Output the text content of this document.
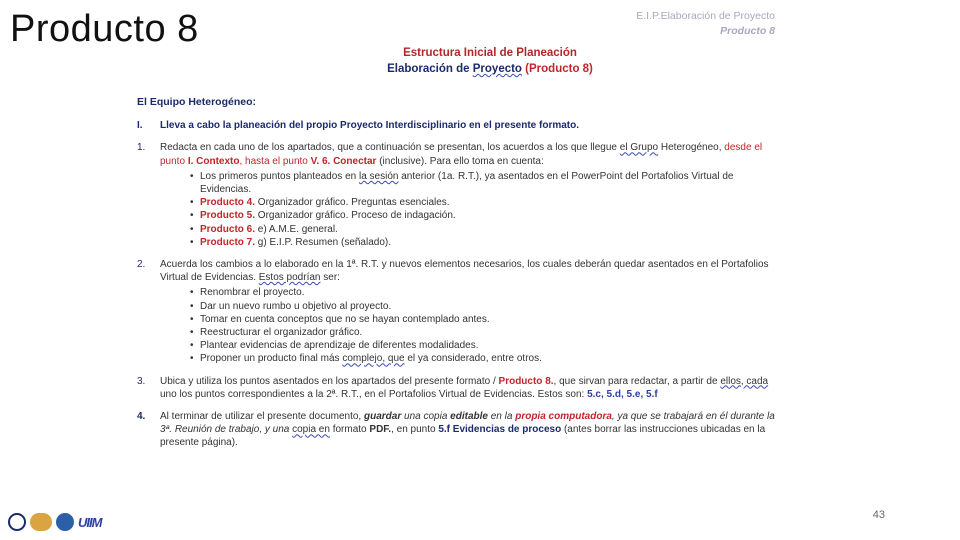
Producto 8	E.I.P.Elaboración de Proyecto
Producto 8
Estructura Inicial de Planeación
Elaboración de Proyecto (Producto 8)
El Equipo Heterogéneo:
I.	Lleva a cabo la planeación del propio Proyecto Interdisciplinario en el presente formato.
1.	Redacta en cada uno de los apartados, que a continuación se presentan, los acuerdos a los que llegue el Grupo Heterogéneo, desde el punto I. Contexto, hasta el punto V. 6. Conectar (inclusive). Para ello toma en cuenta:
• Los primeros puntos planteados en la sesión anterior (1a. R.T.), ya asentados en el PowerPoint del Portafolios Virtual de Evidencias.
• Producto 4. Organizador gráfico. Preguntas esenciales.
• Producto 5. Organizador gráfico. Proceso de indagación.
• Producto 6. e) A.M.E. general.
• Producto 7. g) E.I.P. Resumen (señalado).
2.	Acuerda los cambios a lo elaborado en la 1ª. R.T. y nuevos elementos necesarios, los cuales deberán quedar asentados en el Portafolios Virtual de Evidencias. Estos podrían ser:
• Renombrar el proyecto.
• Dar un nuevo rumbo u objetivo al proyecto.
• Tomar en cuenta conceptos que no se hayan contemplado antes.
• Reestructurar el organizador gráfico.
• Plantear evidencias de aprendizaje de diferentes modalidades.
• Proponer un producto final más complejo, que el ya considerado, entre otros.
3.	Ubica y utiliza los puntos asentados en los apartados del presente formato / Producto 8., que sirvan para redactar, a partir de ellos, cada uno los puntos correspondientes a la 2ª. R.T., en el Portafolios Virtual de Evidencias. Estos son: 5.c, 5.d, 5.e, 5.f
4.	Al terminar de utilizar el presente documento, guardar una copia editable en la propia computadora, ya que se trabajará en él durante la 3ª. Reunión de trabajo, y una copia en formato PDF., en punto 5.f Evidencias de proceso (antes borrar las instrucciones ubicadas en la presente página).
UIIM	43
